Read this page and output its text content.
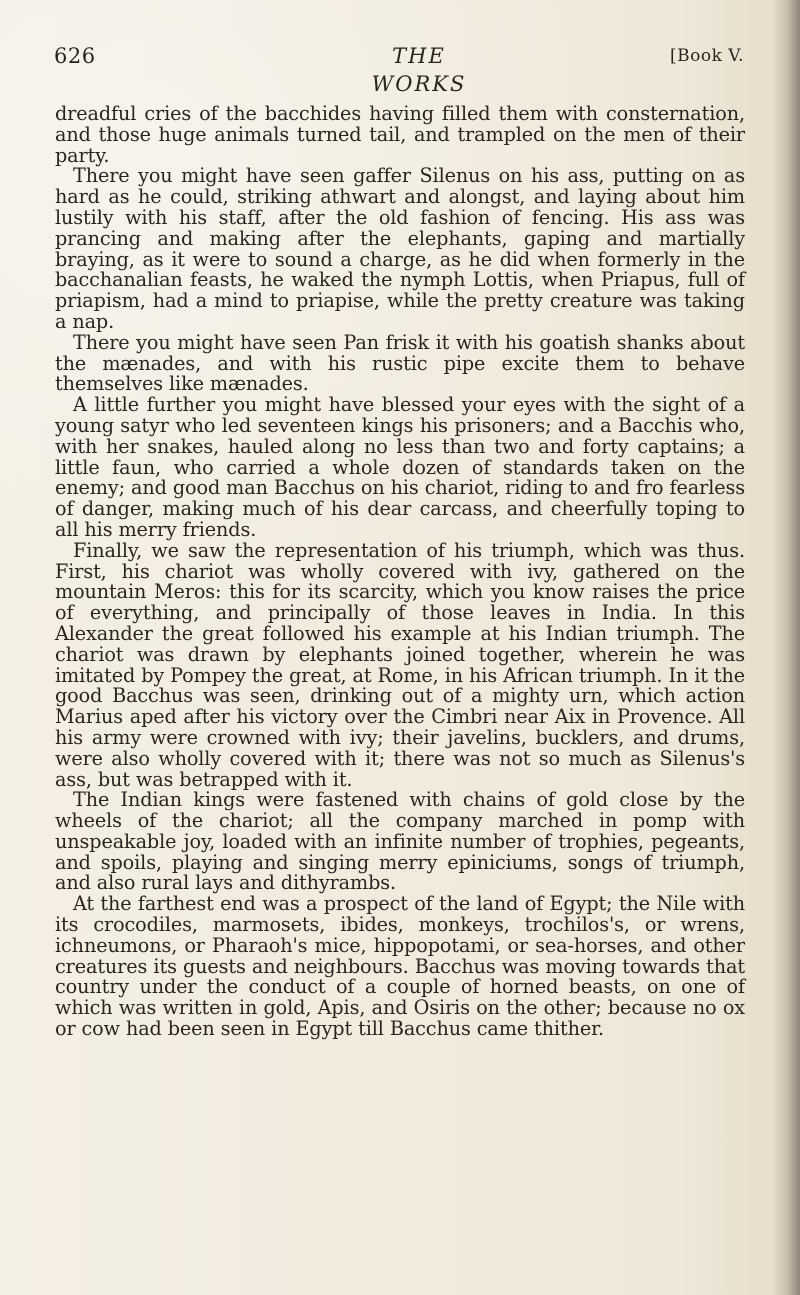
626	THE WORKS
[Book V.

dreadful cries of the bacchides having filled them with consternation, and those huge animals turned tail, and trampled on the men of their party.

There you might have seen gaffer Silenus on his ass, putting on as hard as he could, striking athwart and alongst, and laying about him lustily with his staff, after the old fashion of fencing. His ass was prancing and making after the elephants, gaping and martially braying, as it were to sound a charge, as he did when formerly in the bacchanalian feasts, he waked the nymph Lottis, when Priapus, full of priapism, had a mind to priapise, while the pretty creature was taking a nap.

There you might have seen Pan frisk it with his goatish shanks about the mænades, and with his rustic pipe excite them to behave themselves like mænades.

A little further you might have blessed your eyes with the sight of a young satyr who led seventeen kings his prisoners; and a Bacchis who, with her snakes, hauled along no less than two and forty captains; a little faun, who carried a whole dozen of standards taken on the enemy; and good man Bacchus on his chariot, riding to and fro fearless of danger, making much of his dear carcass, and cheerfully toping to all his merry friends.

Finally, we saw the representation of his triumph, which was thus. First, his chariot was wholly covered with ivy, gathered on the mountain Meros: this for its scarcity, which you know raises the price of everything, and principally of those leaves in India. In this Alexander the great followed his example at his Indian triumph. The chariot was drawn by elephants joined together, wherein he was imitated by Pompey the great, at Rome, in his African triumph. In it the good Bacchus was seen, drinking out of a mighty urn, which action Marius aped after his victory over the Cimbri near Aix in Provence. All his army were crowned with ivy; their javelins, bucklers, and drums, were also wholly covered with it; there was not so much as Silenus's ass, but was betrapped with it.

The Indian kings were fastened with chains of gold close by the wheels of the chariot; all the company marched in pomp with unspeakable joy, loaded with an infinite number of trophies, pegeants, and spoils, playing and singing merry epiniciums, songs of triumph, and also rural lays and dithyrambs.

At the farthest end was a prospect of the land of Egypt; the Nile with its crocodiles, marmosets, ibides, monkeys, trochilos's, or wrens, ichneumons, or Pharaoh's mice, hippopotami, or sea-horses, and other creatures its guests and neighbours. Bacchus was moving towards that country under the conduct of a couple of horned beasts, on one of which was written in gold, Apis, and Osiris on the other; because no ox or cow had been seen in Egypt till Bacchus came thither.
